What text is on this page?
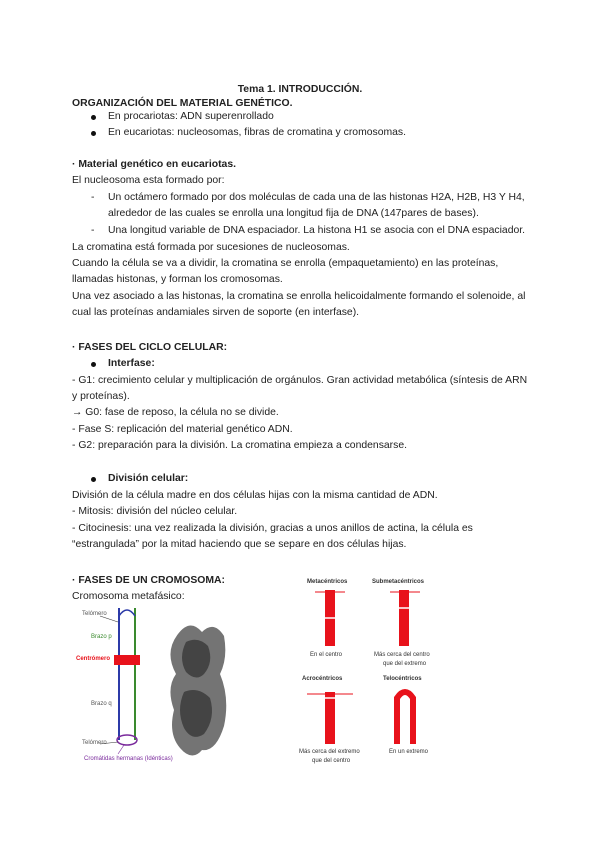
Tema 1. INTRODUCCIÓN.
ORGANIZACIÓN DEL MATERIAL GENÉTICO.
En procariotas: ADN superenrollado
En eucariotas: nucleosomas, fibras de cromatina y cromosomas.
· Material genético en eucariotas.
El nucleosoma esta formado por:
- Un octámero formado por dos moléculas de cada una de las histonas H2A, H2B, H3 Y H4,
alrededor de las cuales se enrolla una longitud fija de DNA (147pares de bases).
- Una longitud variable de DNA espaciador. La histona H1 se asocia con el DNA espaciador.
La cromatina está formada por sucesiones de nucleosomas.
Cuando la célula se va a dividir, la cromatina se enrolla (empaquetamiento) en las proteínas,
llamadas histonas, y forman los cromosomas.
Una vez asociado a las histonas, la cromatina se enrolla helicoidalmente formando el solenoide, al
cual las proteínas andamiales sirven de soporte (en interfase).
· FASES DEL CICLO CELULAR:
Interfase:
- G1: crecimiento celular y multiplicación de orgánulos. Gran actividad metabólica (síntesis de ARN
y proteínas).
→ G0: fase de reposo, la célula no se divide.
- Fase S: replicación del material genético ADN.
- G2: preparación para la división. La cromatina empieza a condensarse.
División celular:
División de la célula madre en dos células hijas con la misma cantidad de ADN.
- Mitosis: división del núcleo celular.
- Citocinesis: una vez realizada la división, gracias a unos anillos de actina, la célula es
“estrangulada” por la mitad haciendo que se separe en dos células hijas.
· FASES DE UN CROMOSOMA:
Cromosoma metafásico:
Telómero
Brazo p
Centrómero
Brazo q
Telómero
Cromátidas hermanas (Idénticas)
Metacéntricos	Submetacéntricos
En el centro	Más cerca del centro
que del extremo
Acrocéntricos	Telocéntricos
Más cerca del extremo
que del centro
En un extremo
